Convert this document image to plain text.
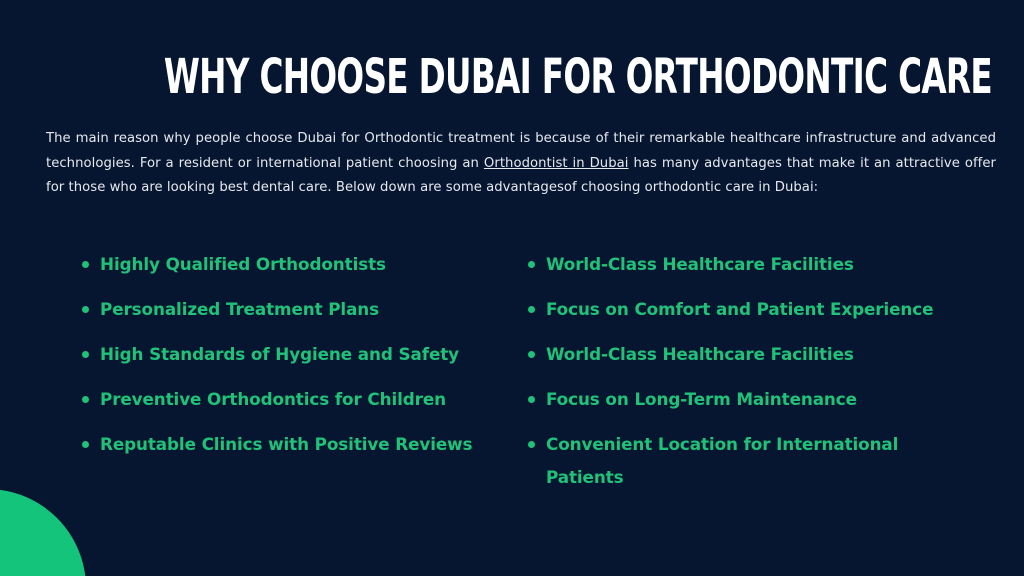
WHY CHOOSE DUBAI FOR ORTHODONTIC CARE

The main reason why people choose Dubai for Orthodontic treatment is because of their remarkable healthcare infrastructure and advanced technologies. For a resident or international patient choosing an Orthodontist in Dubai has many advantages that make it an attractive offer for those who are looking best dental care. Below down are some advantagesof choosing orthodontic care in Dubai:

Highly Qualified Orthodontists
Personalized Treatment Plans
High Standards of Hygiene and Safety
Preventive Orthodontics for Children
Reputable Clinics with Positive Reviews
World-Class Healthcare Facilities
Focus on Comfort and Patient Experience
World-Class Healthcare Facilities
Focus on Long-Term Maintenance
Convenient Location for International Patients
